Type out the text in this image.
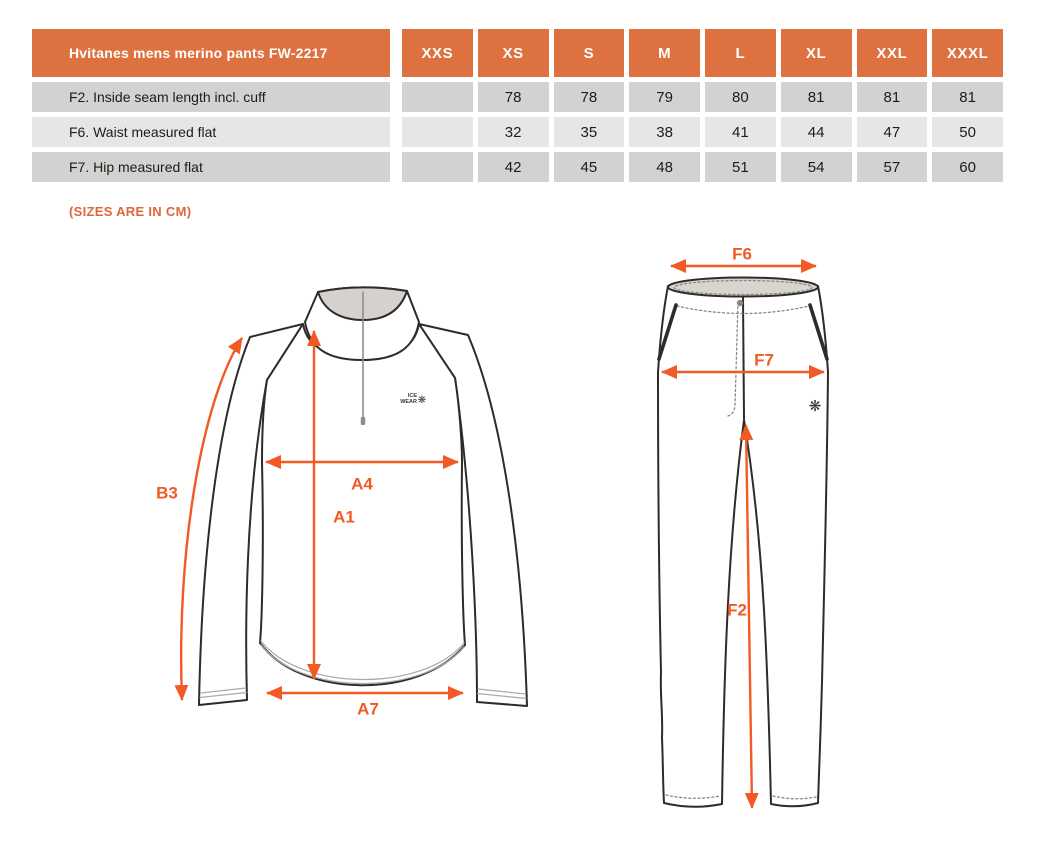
Hvitanes mens merino pants FW-2217		XXS	XS	S	M	L	XL	XXL	XXXL
F2. Inside seam length incl. cuff			78	78	79	80	81	81	81
F6. Waist measured flat			32	35	38	41	44	47	50
F7. Hip measured flat			42	45	48	51	54	57	60
(SIZES ARE IN CM)
ICE
WEAR ❋
B3	A4
A1
A7
❋
F6
F7
F2
